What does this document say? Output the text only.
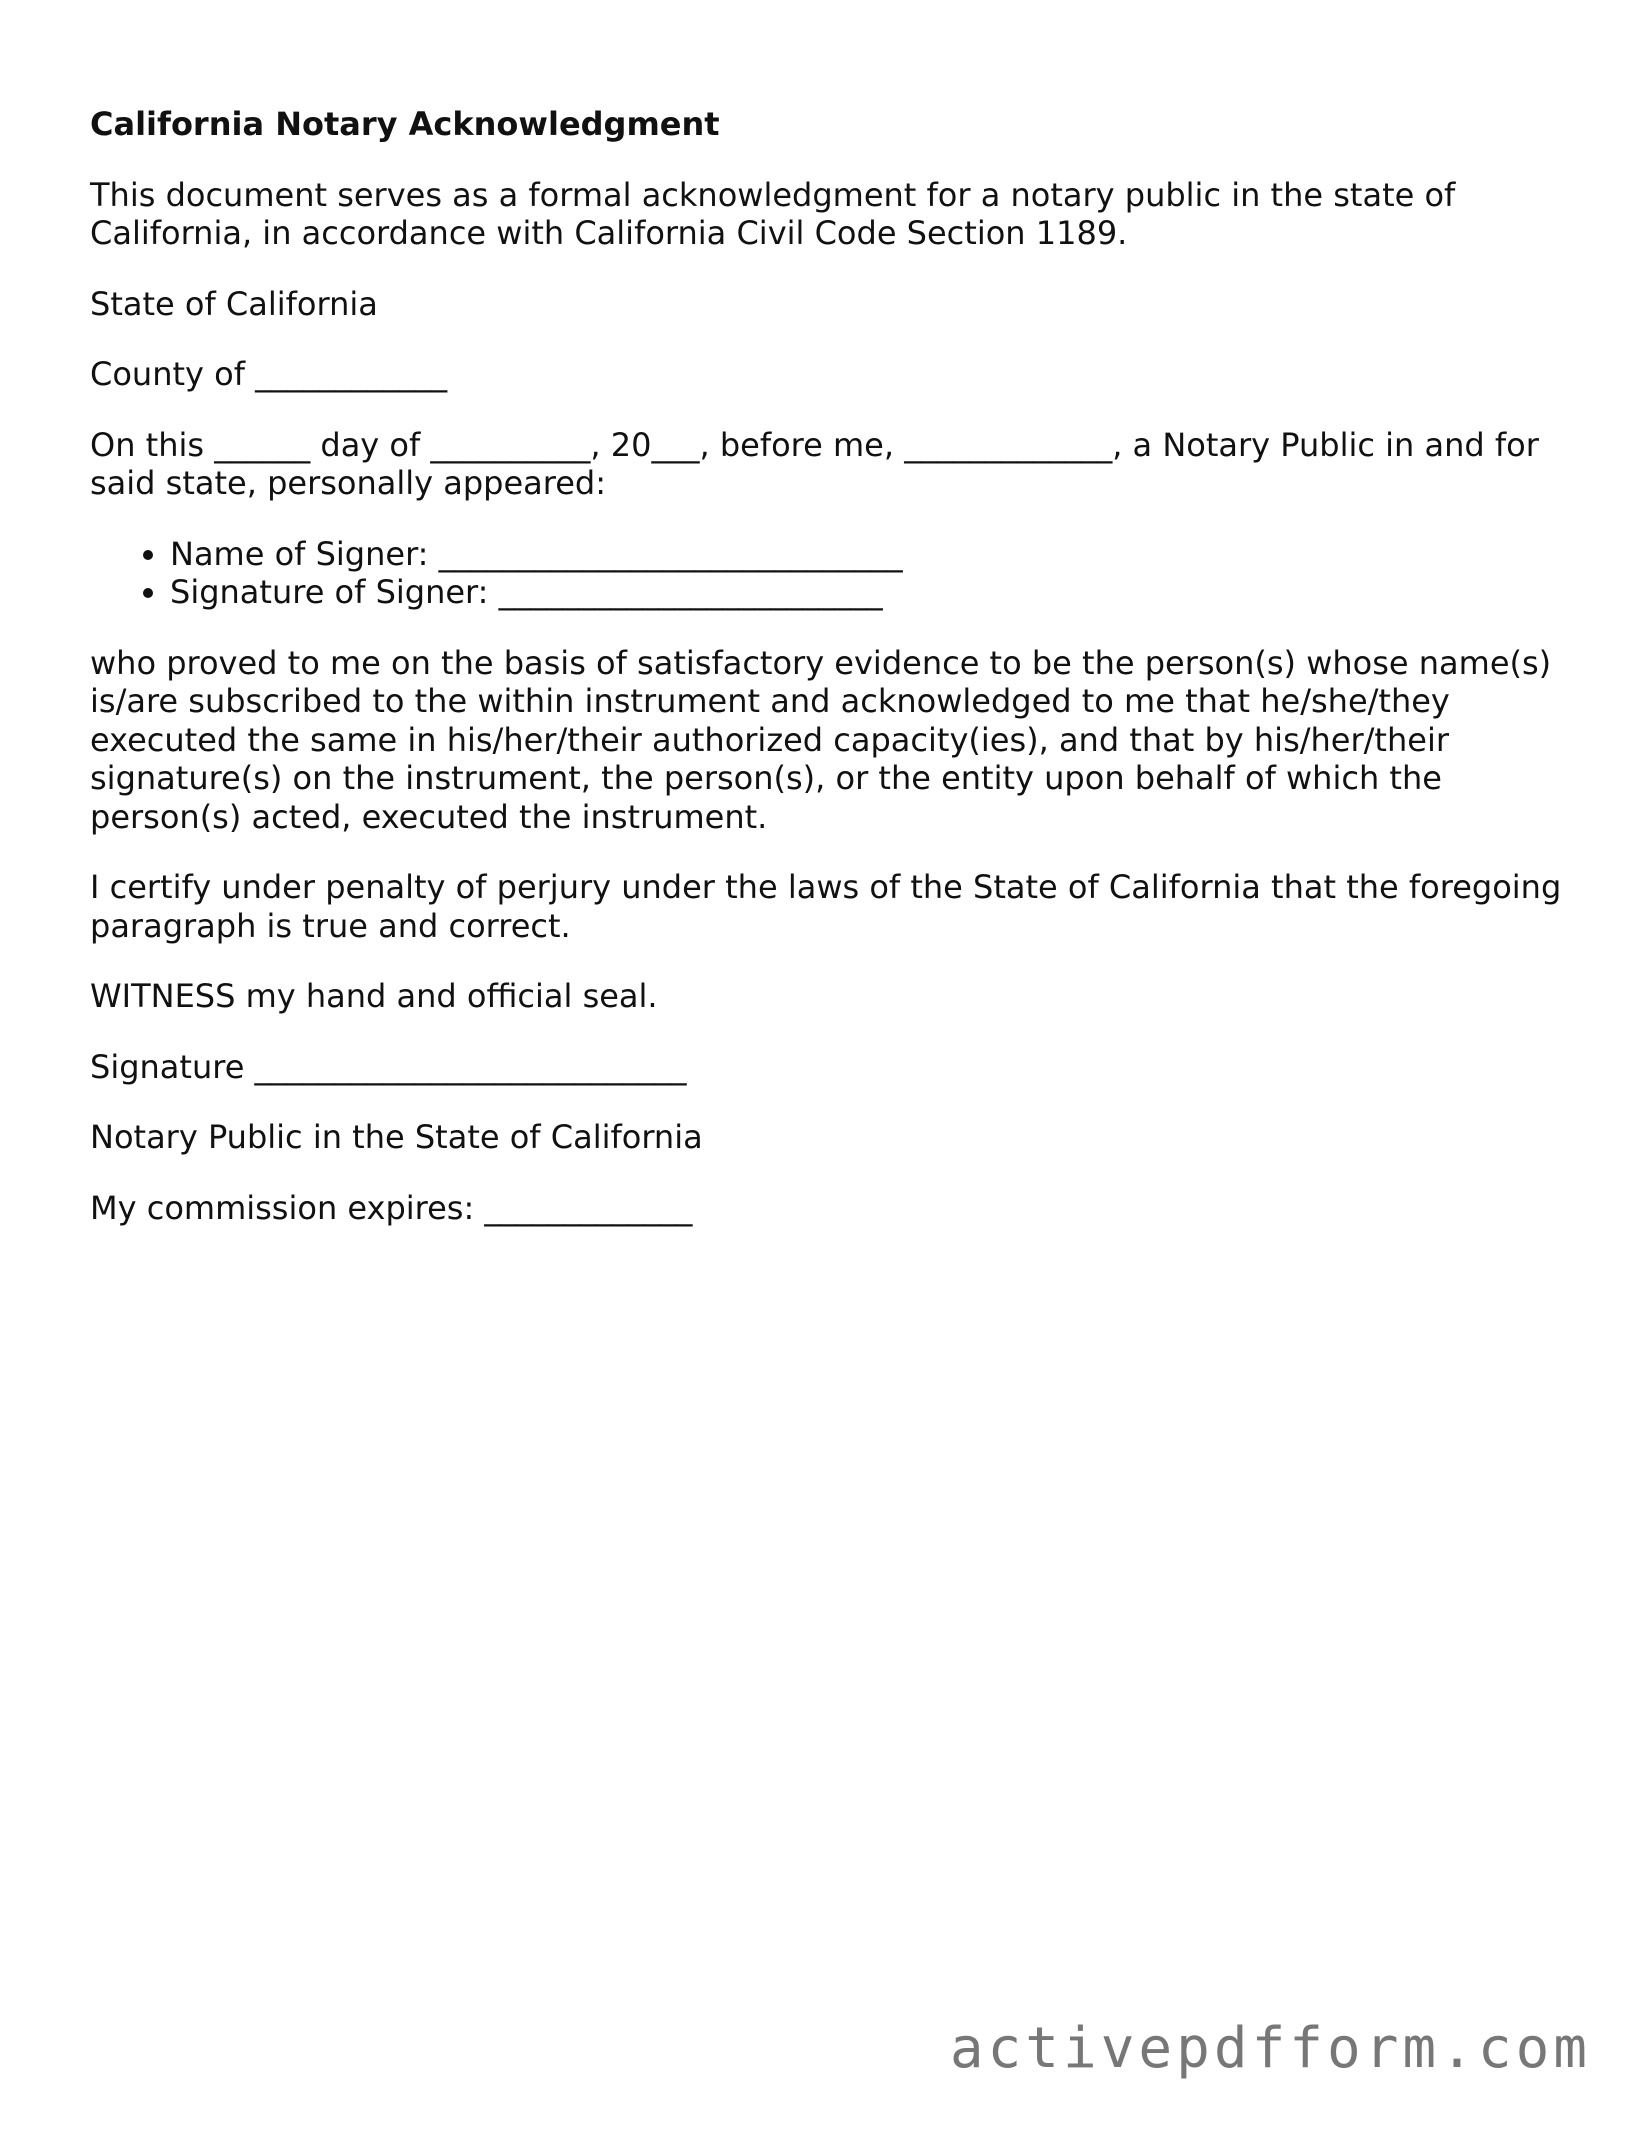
California Notary Acknowledgment

This document serves as a formal acknowledgment for a notary public in the state of California, in accordance with California Civil Code Section 1189.

State of California

County of ____________

On this ______ day of __________, 20___, before me, _____________, a Notary Public in and for said state, personally appeared:

• Name of Signer: _____________________________
• Signature of Signer: ________________________

who proved to me on the basis of satisfactory evidence to be the person(s) whose name(s) is/are subscribed to the within instrument and acknowledged to me that he/she/they executed the same in his/her/their authorized capacity(ies), and that by his/her/their signature(s) on the instrument, the person(s), or the entity upon behalf of which the person(s) acted, executed the instrument.

I certify under penalty of perjury under the laws of the State of California that the foregoing paragraph is true and correct.

WITNESS my hand and official seal.

Signature ___________________________

Notary Public in the State of California

My commission expires: _____________

activepdfform.com
